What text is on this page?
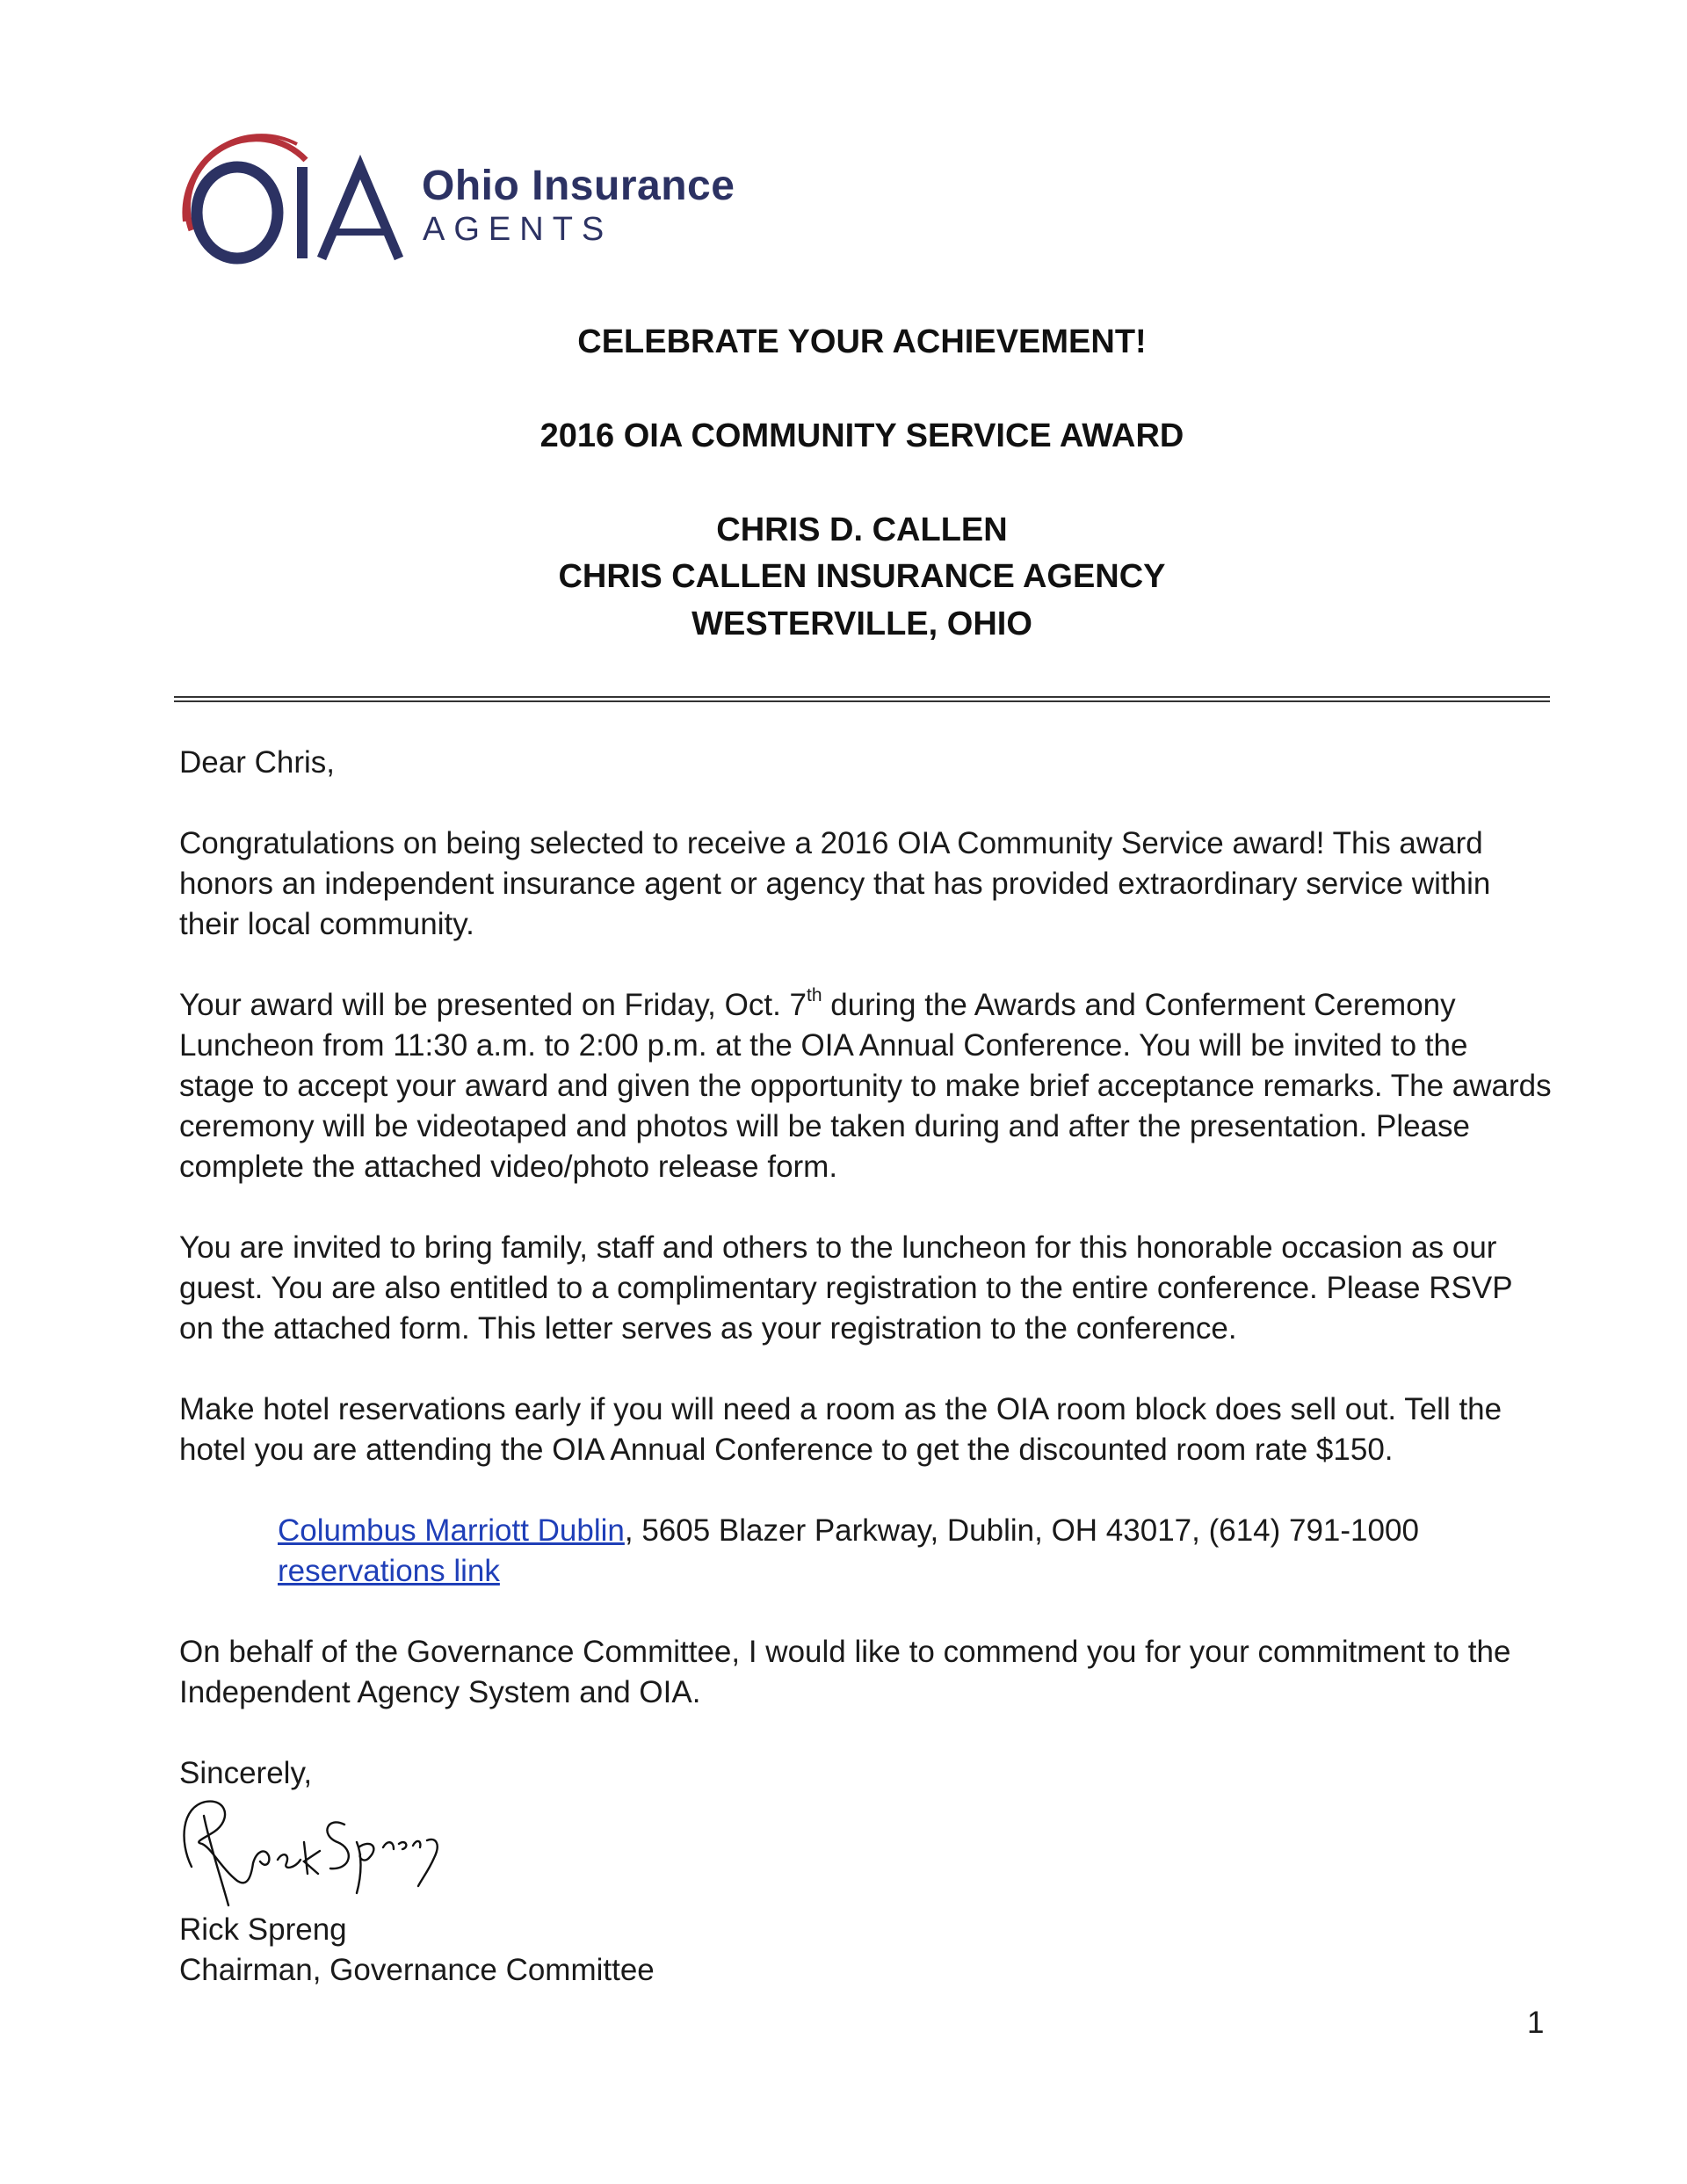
Ohio Insurance
AGENTS
CELEBRATE YOUR ACHIEVEMENT!
2016 OIA COMMUNITY SERVICE AWARD
CHRIS D. CALLEN
CHRIS CALLEN INSURANCE AGENCY
WESTERVILLE, OHIO
Dear Chris,
Congratulations on being selected to receive a 2016 OIA Community Service award! This award
honors an independent insurance agent or agency that has provided extraordinary service within
their local community.
Your award will be presented on Friday, Oct. 7th during the Awards and Conferment Ceremony
Luncheon from 11:30 a.m. to 2:00 p.m. at the OIA Annual Conference. You will be invited to the
stage to accept your award and given the opportunity to make brief acceptance remarks. The awards
ceremony will be videotaped and photos will be taken during and after the presentation. Please
complete the attached video/photo release form.
You are invited to bring family, staff and others to the luncheon for this honorable occasion as our
guest. You are also entitled to a complimentary registration to the entire conference. Please RSVP
on the attached form. This letter serves as your registration to the conference.
Make hotel reservations early if you will need a room as the OIA room block does sell out. Tell the
hotel you are attending the OIA Annual Conference to get the discounted room rate $150.
Columbus Marriott Dublin, 5605 Blazer Parkway, Dublin, OH 43017, (614) 791-1000
reservations link
On behalf of the Governance Committee, I would like to commend you for your commitment to the
Independent Agency System and OIA.
Sincerely,
Rick Spreng
Chairman, Governance Committee
1
